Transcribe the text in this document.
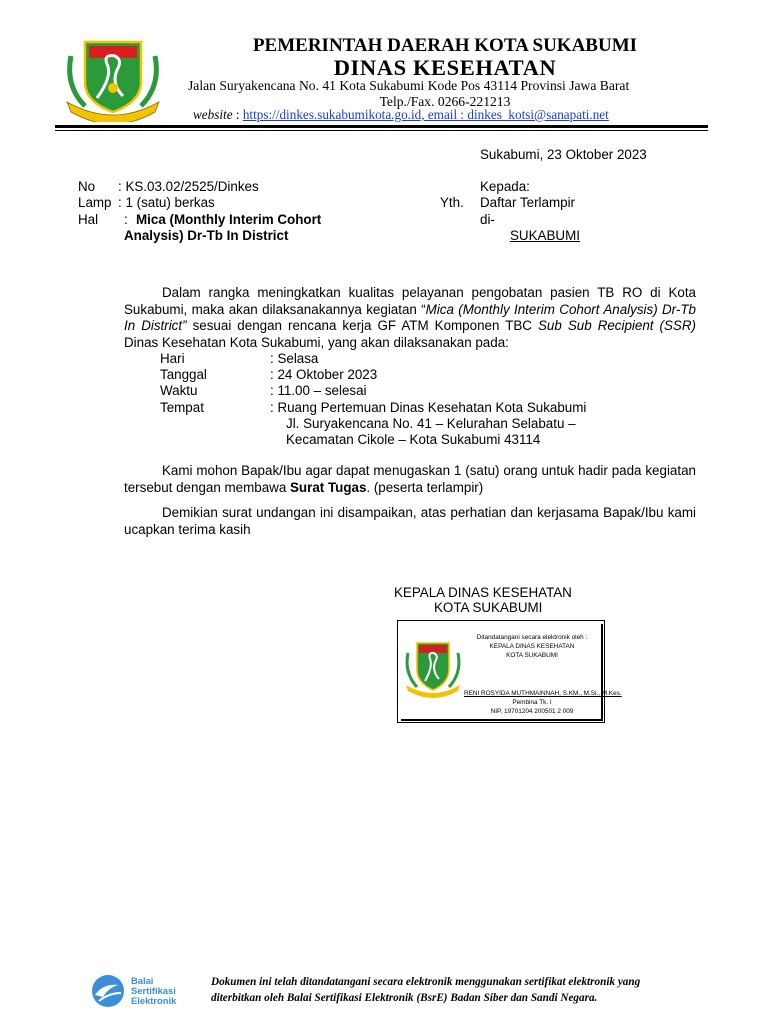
PEMERINTAH DAERAH KOTA SUKABUMI
DINAS KESEHATAN
Jalan Suryakencana No. 41 Kota Sukabumi Kode Pos 43114 Provinsi Jawa Barat
Telp./Fax. 0266-221213
website : https://dinkes.sukabumikota.go.id, email : dinkes_kotsi@sanapati.net
Sukabumi, 23 Oktober 2023
No : KS.03.02/2525/Dinkes
Lamp : 1 (satu) berkas
Hal : Mica (Monthly Interim Cohort
Analysis) Dr-Tb In District
Kepada:
Yth. Daftar Terlampir
di-
SUKABUMI
Dalam rangka meningkatkan kualitas pelayanan pengobatan pasien TB RO di Kota Sukabumi, maka akan dilaksanakannya kegiatan “Mica (Monthly Interim Cohort Analysis) Dr-Tb In District” sesuai dengan rencana kerja GF ATM Komponen TBC Sub Sub Recipient (SSR) Dinas Kesehatan Kota Sukabumi, yang akan dilaksanakan pada:
Hari	: Selasa
Tanggal	: 24 Oktober 2023
Waktu	: 11.00 – selesai
Tempat	: Ruang Pertemuan Dinas Kesehatan Kota Sukabumi
Jl. Suryakencana No. 41 – Kelurahan Selabatu –
Kecamatan Cikole – Kota Sukabumi 43114
Kami mohon Bapak/Ibu agar dapat menugaskan 1 (satu) orang untuk hadir pada kegiatan tersebut dengan membawa Surat Tugas. (peserta terlampir)
Demikian surat undangan ini disampaikan, atas perhatian dan kerjasama Bapak/Ibu kami ucapkan terima kasih
KEPALA DINAS KESEHATAN
KOTA SUKABUMI
Ditandatangani secara elektronik oleh :
KEPALA DINAS KESEHATAN
KOTA SUKABUMI
RENI ROSYIDA MUTHMAINNAH, S.KM., M.Si., M.Kes.
Pembina Tk. I
NIP. 19701204 200501 2 009
Balai
Sertifikasi
Elektronik
Dokumen ini telah ditandatangani secara elektronik menggunakan sertifikat elektronik yang
diterbitkan oleh Balai Sertifikasi Elektronik (BsrE) Badan Siber dan Sandi Negara.
